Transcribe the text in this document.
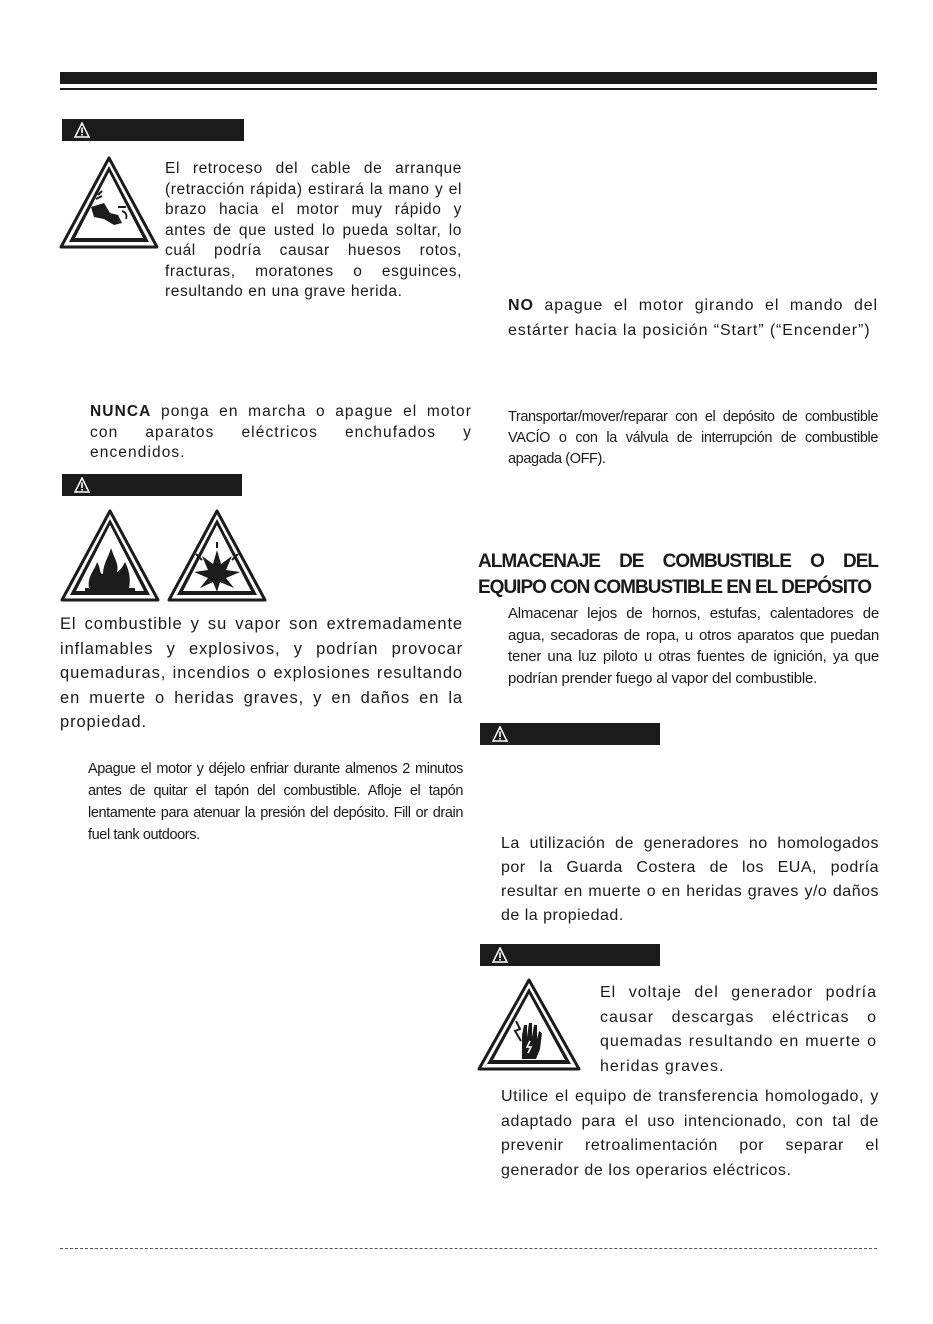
El retroceso del cable de arranque (retracción rápida) estirará la mano y el brazo hacia el motor muy rápido y antes de que usted lo pueda soltar, lo cuál podría causar huesos rotos, fracturas, moratones o esguinces, resultando en una grave herida.
NUNCA ponga en marcha o apague el motor con aparatos eléctricos enchufados y encendidos.
El combustible y su vapor son extremadamente inflamables y explosivos, y podrían provocar quemaduras, incendios o explosiones resultando en muerte o heridas graves, y en daños en la propiedad.
Apague el motor y déjelo enfriar durante almenos 2 minutos antes de quitar el tapón del combustible. Afloje el tapón lentamente para atenuar la presión del depósito. Fill or drain fuel tank outdoors.
NO apague el motor girando el mando del estárter hacia la posición “Start” (“Encender”)
Transportar/mover/reparar con el depósito de combustible VACÍO o con la válvula de interrupción de combustible apagada (OFF).
ALMACENAJE DE COMBUSTIBLE O DEL EQUIPO CON COMBUSTIBLE EN EL DEPÓSITO
Almacenar lejos de hornos, estufas, calentadores de agua, secadoras de ropa, u otros aparatos que puedan tener una luz piloto u otras fuentes de ignición, ya que podrían prender fuego al vapor del combustible.
La utilización de generadores no homologados por la Guarda Costera de los EUA, podría resultar en muerte o en heridas graves y/o daños de la propiedad.
El voltaje del generador podría causar descargas eléctricas o quemadas resultando en muerte o heridas graves.
Utilice el equipo de transferencia homologado, y adaptado para el uso intencionado, con tal de prevenir retroalimentación por separar el generador de los operarios eléctricos.
